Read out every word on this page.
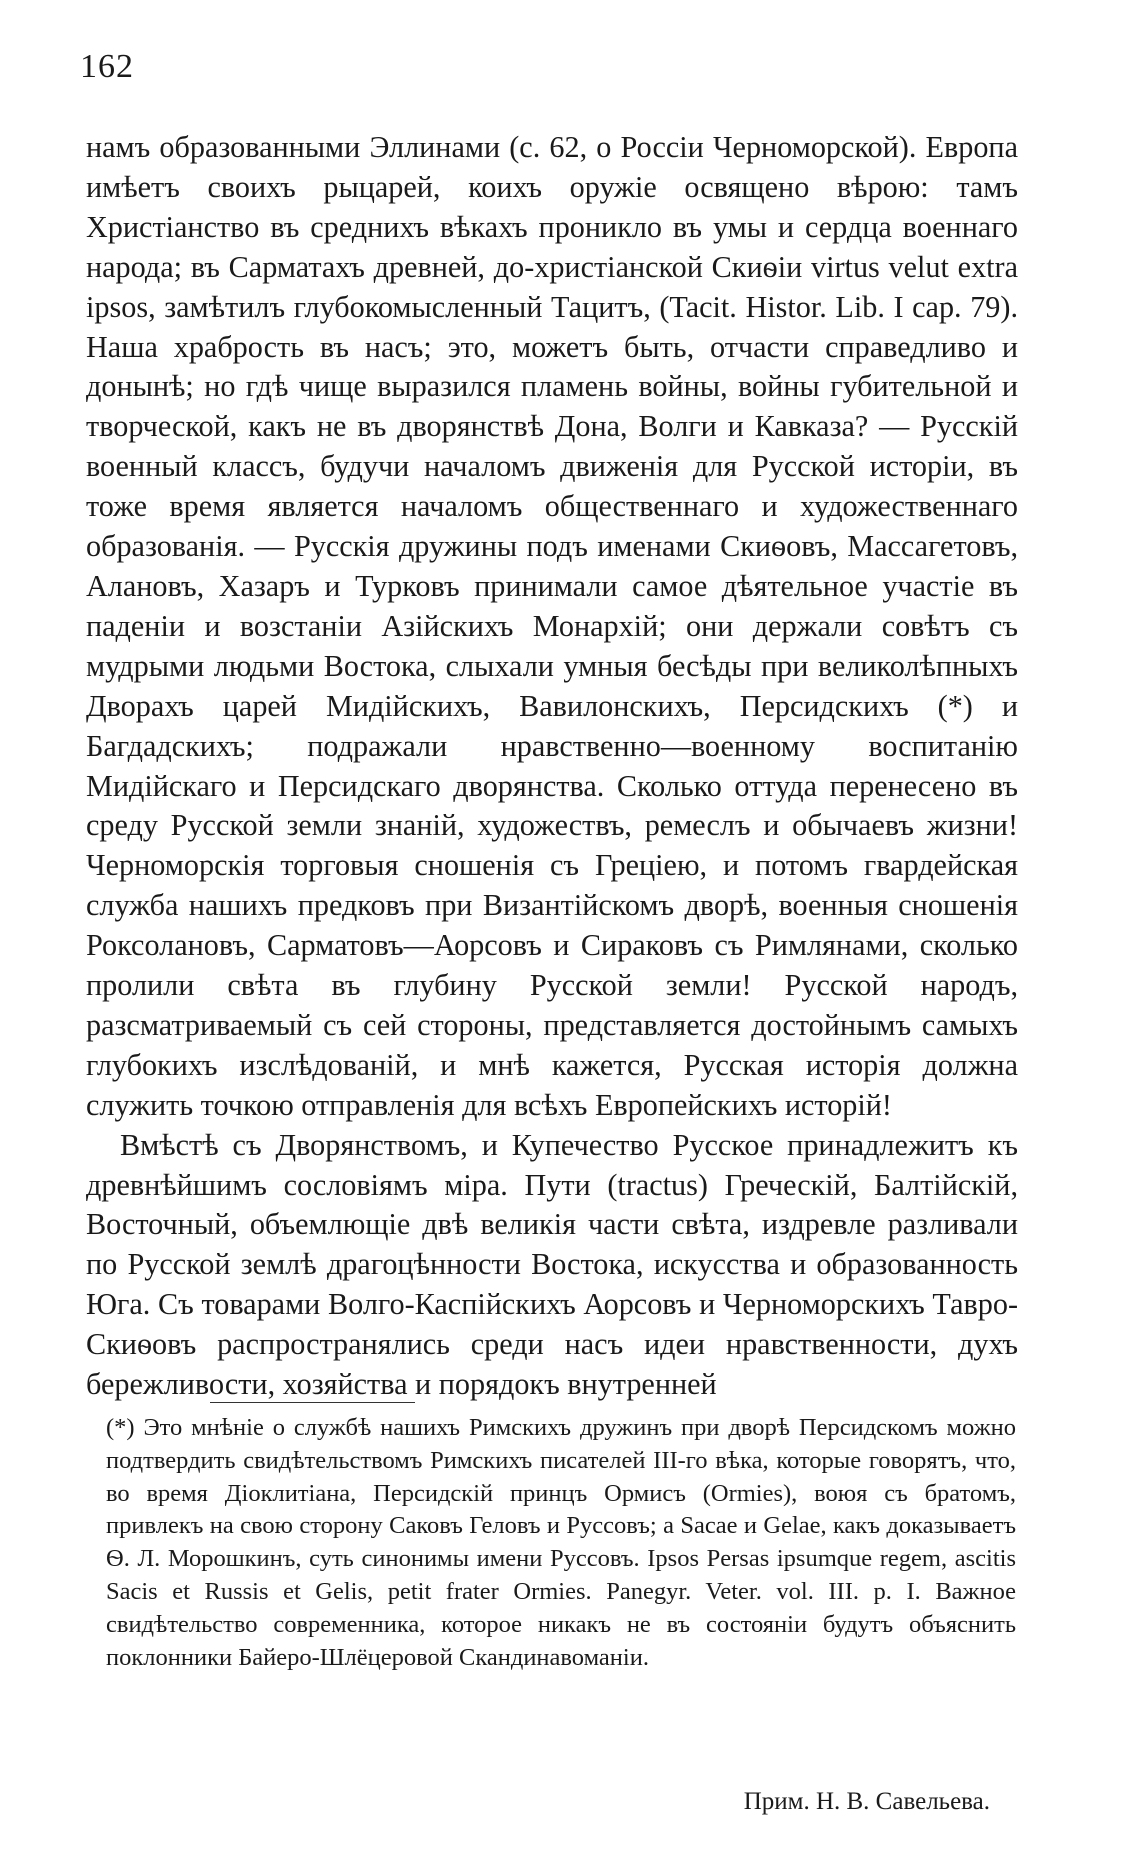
162

намъ образованными Эллинами (с. 62, о Россіи Черноморской). Европа имѣетъ своихъ рыцарей, коихъ оружіе освящено вѣрою: тамъ Христіанство въ среднихъ вѣкахъ проникло въ умы и сердца военнаго народа; въ Сарматахъ древней, до-христіанской Скиѳіи virtus velut extra ipsos, замѣтилъ глубокомысленный Тацитъ, (Tacit. Histor. Lib. I cap. 79). Наша храбрость въ насъ; это, можетъ быть, отчасти справедливо и донынѣ; но гдѣ чище выразился пламень войны, войны губительной и творческой, какъ не въ дворянствѣ Дона, Волги и Кавказа? — Русскій военный классъ, будучи началомъ движенія для Русской исторіи, въ тоже время является началомъ общественнаго и художественнаго образованія. — Русскія дружины подъ именами Скиѳовъ, Массагетовъ, Алановъ, Хазаръ и Турковъ принимали самое дѣятельное участіе въ паденіи и возстаніи Азійскихъ Монархій; они держали совѣтъ съ мудрыми людьми Востока, слыхали умныя бесѣды при великолѣпныхъ Дворахъ царей Мидійскихъ, Вавилонскихъ, Персидскихъ (*) и Багдадскихъ; подражали нравственно—военному воспитанію Мидійскаго и Персидскаго дворянства. Сколько оттуда перенесено въ среду Русской земли знаній, художествъ, ремеслъ и обычаевъ жизни! Черноморскія торговыя сношенія съ Греціею, и потомъ гвардейская служба нашихъ предковъ при Византійскомъ дворѣ, военныя сношенія Роксолановъ, Сарматовъ—Аорсовъ и Сираковъ съ Римлянами, сколько пролили свѣта въ глубину Русской земли! Русской народъ, разсматриваемый съ сей стороны, представляется достойнымъ самыхъ глубокихъ изслѣдованій, и мнѣ кажется, Русская исторія должна служить точкою отправленія для всѣхъ Европейскихъ исторій!

Вмѣстѣ съ Дворянствомъ, и Купечество Русское принадлежитъ къ древнѣйшимъ сословіямъ міра. Пути (tractus) Греческій, Балтійскій, Восточный, объемлющіе двѣ великія части свѣта, издревле разливали по Русской землѣ драгоцѣнности Востока, искусства и образованность Юга. Съ товарами Волго-Каспійскихъ Аорсовъ и Черноморскихъ Тавро-Скиѳовъ распространялись среди насъ идеи нравственности, духъ бережливости, хозяйства и порядокъ внутренней

(*) Это мнѣніе о службѣ нашихъ Римскихъ дружинъ при дворѣ Персидскомъ можно подтвердить свидѣтельствомъ Римскихъ писателей III-го вѣка, которые говорятъ, что, во время Діоклитіана, Персидскій принцъ Ормисъ (Ormies), воюя съ братомъ, привлекъ на свою сторону Саковъ Геловъ и Руссовъ; а Sacae и Gelae, какъ доказываетъ Ѳ. Л. Морошкинъ, суть синонимы имени Руссовъ. Ipsos Persas ipsumque regem, ascitis Sacis et Russis et Gelis, petit frater Ormies. Panegyr. Veter. vol. III. p. I. Важное свидѣтельство современника, которое никакъ не въ состояніи будутъ объяснить поклонники Байеро-Шлёцеровой Скандинавоманіи.

Прим. Н. В. Савельева.
